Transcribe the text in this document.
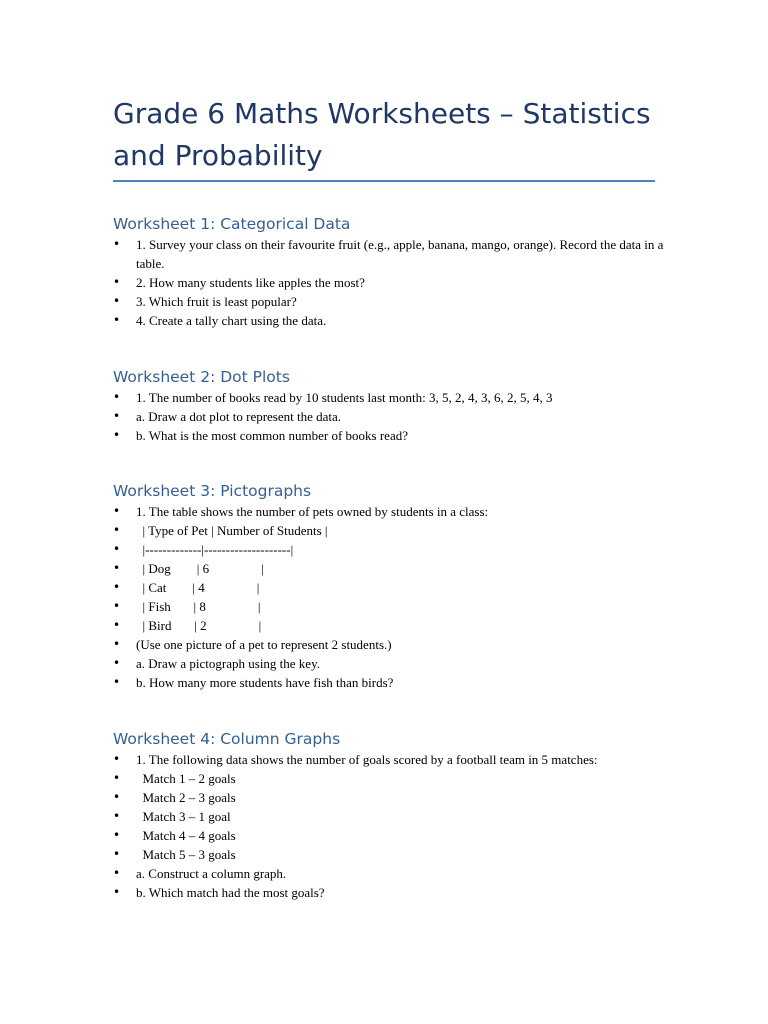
Grade 6 Maths Worksheets – Statistics and Probability
Worksheet 1: Categorical Data
• 1. Survey your class on their favourite fruit (e.g., apple, banana, mango, orange). Record the data in a table.
• 2. How many students like apples the most?
• 3. Which fruit is least popular?
• 4. Create a tally chart using the data.
Worksheet 2: Dot Plots
• 1. The number of books read by 10 students last month: 3, 5, 2, 4, 3, 6, 2, 5, 4, 3
• a. Draw a dot plot to represent the data.
• b. What is the most common number of books read?
Worksheet 3: Pictographs
• 1. The table shows the number of pets owned by students in a class:
• | Type of Pet | Number of Students |
• |-------------|--------------------|
• | Dog        | 6                |
• | Cat        | 4                |
• | Fish       | 8                |
• | Bird       | 2                |
• (Use one picture of a pet to represent 2 students.)
• a. Draw a pictograph using the key.
• b. How many more students have fish than birds?
Worksheet 4: Column Graphs
• 1. The following data shows the number of goals scored by a football team in 5 matches:
• Match 1 – 2 goals
• Match 2 – 3 goals
• Match 3 – 1 goal
• Match 4 – 4 goals
• Match 5 – 3 goals
• a. Construct a column graph.
• b. Which match had the most goals?
